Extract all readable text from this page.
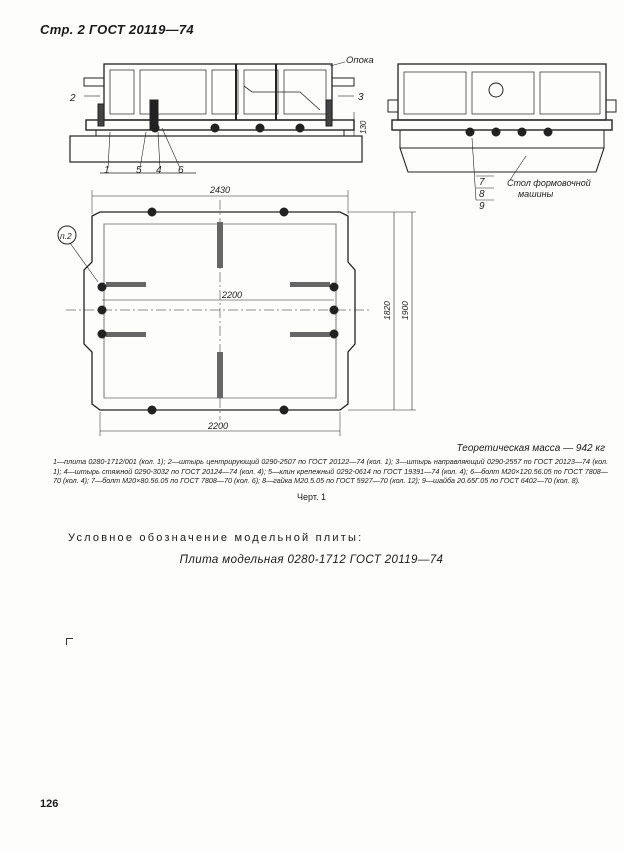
Стр. 2 ГОСТ 20119—74
2
1	5 4 6
3
Опока
130
7
8
9
Стол формовочной
машины
2430
2200
2200
1820 1900
п.2
Теоретическая масса — 942 кг
1—плита 0280-1712/001 (кол. 1); 2—штырь центрирующий 0290-2507 по ГОСТ 20122—74 (кол. 1); 3—штырь направляющий 0290-2557 по ГОСТ 20123—74 (кол. 1); 4—штырь стяжной 0290-3032 по ГОСТ 20124—74 (кол. 4); 5—клин крепежный 0292-0614 по ГОСТ 19391—74 (кол. 4); 6—болт М20×120.56.05 по ГОСТ 7808—70 (кол. 4); 7—болт М20×80.56.05 по ГОСТ 7808—70 (кол. 6); 8—гайка М20.5.05 по ГОСТ 5927—70 (кол. 12); 9—шайба 20.65Г.05 по ГОСТ 6402—70 (кол. 8).
Черт. 1
Условное обозначение модельной плиты:
Плита модельная 0280-1712 ГОСТ 20119—74
126
